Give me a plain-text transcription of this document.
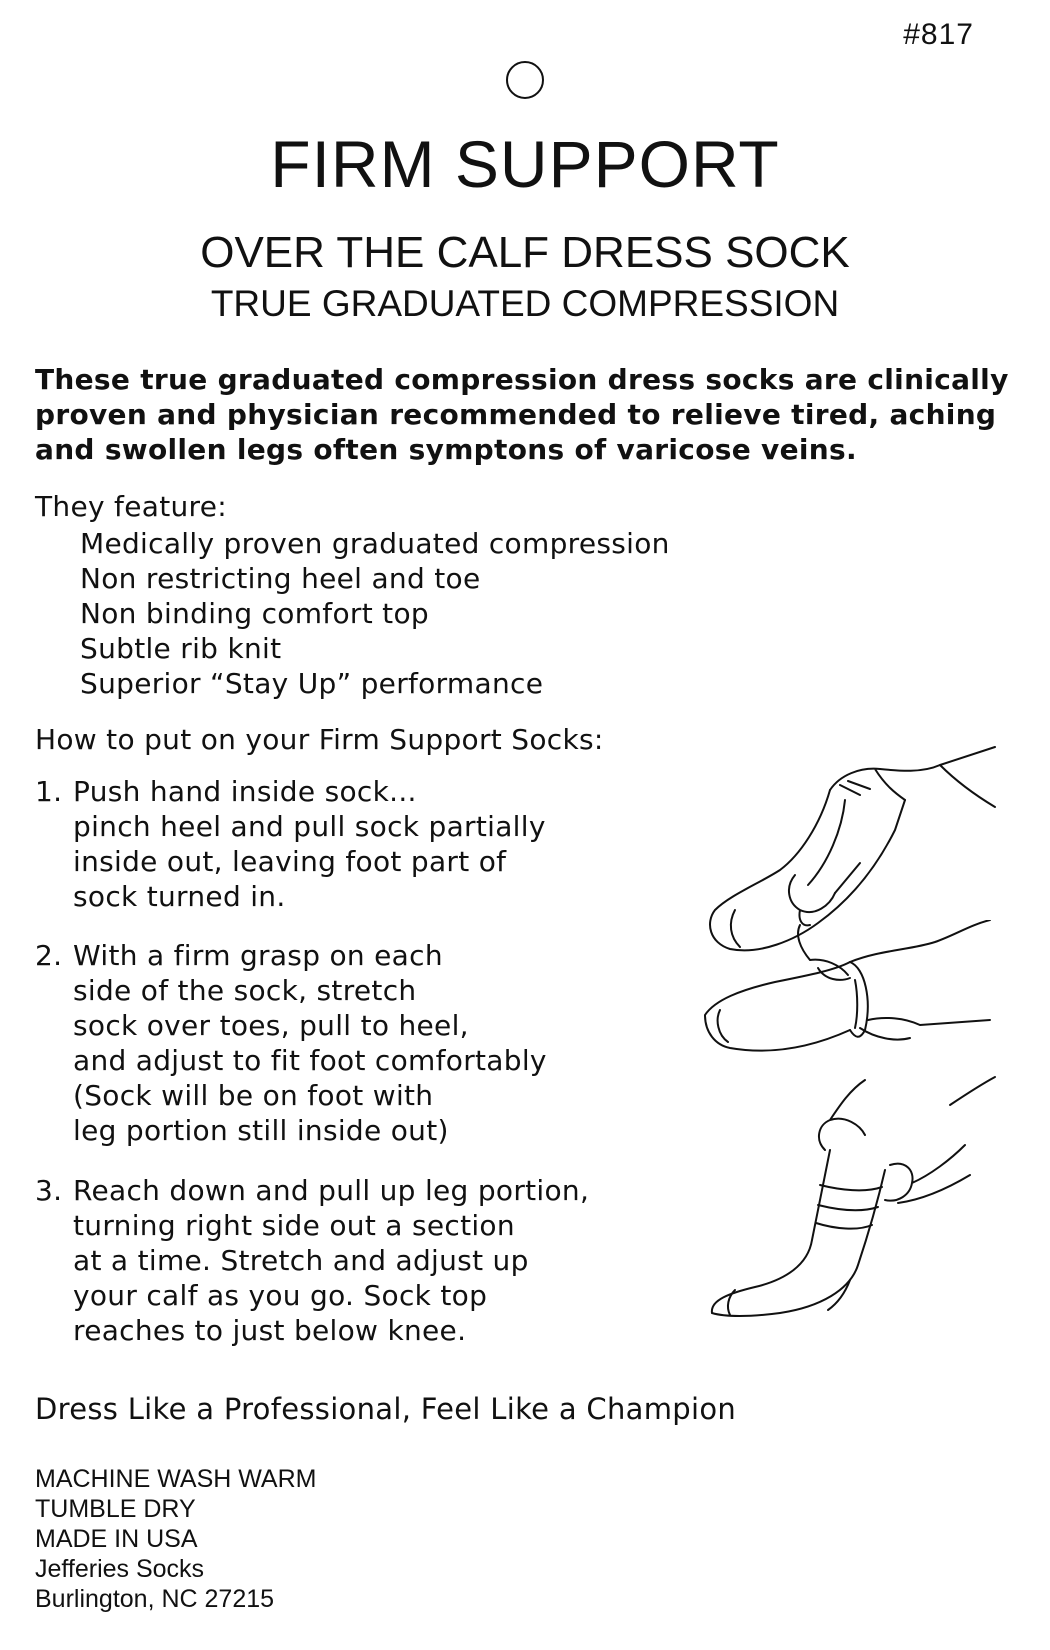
#817
FIRM SUPPORT
OVER THE CALF DRESS SOCK
TRUE GRADUATED COMPRESSION
These true graduated compression dress socks are clinically
proven and physician recommended to relieve tired, aching
and swollen legs often symptons of varicose veins.
They feature:
Medically proven graduated compression
Non restricting heel and toe
Non binding comfort top
Subtle rib knit
Superior “Stay Up” performance
How to put on your Firm Support Socks:
1. Push hand inside sock...
pinch heel and pull sock partially
inside out, leaving foot part of
sock turned in.
2. With a firm grasp on each
side of the sock, stretch
sock over toes, pull to heel,
and adjust to fit foot comfortably
(Sock will be on foot with
leg portion still inside out)
3. Reach down and pull up leg portion,
turning right side out a section
at a time. Stretch and adjust up
your calf as you go. Sock top
reaches to just below knee.
Dress Like a Professional, Feel Like a Champion
MACHINE WASH WARM
TUMBLE DRY
MADE IN USA
Jefferies Socks
Burlington, NC 27215
